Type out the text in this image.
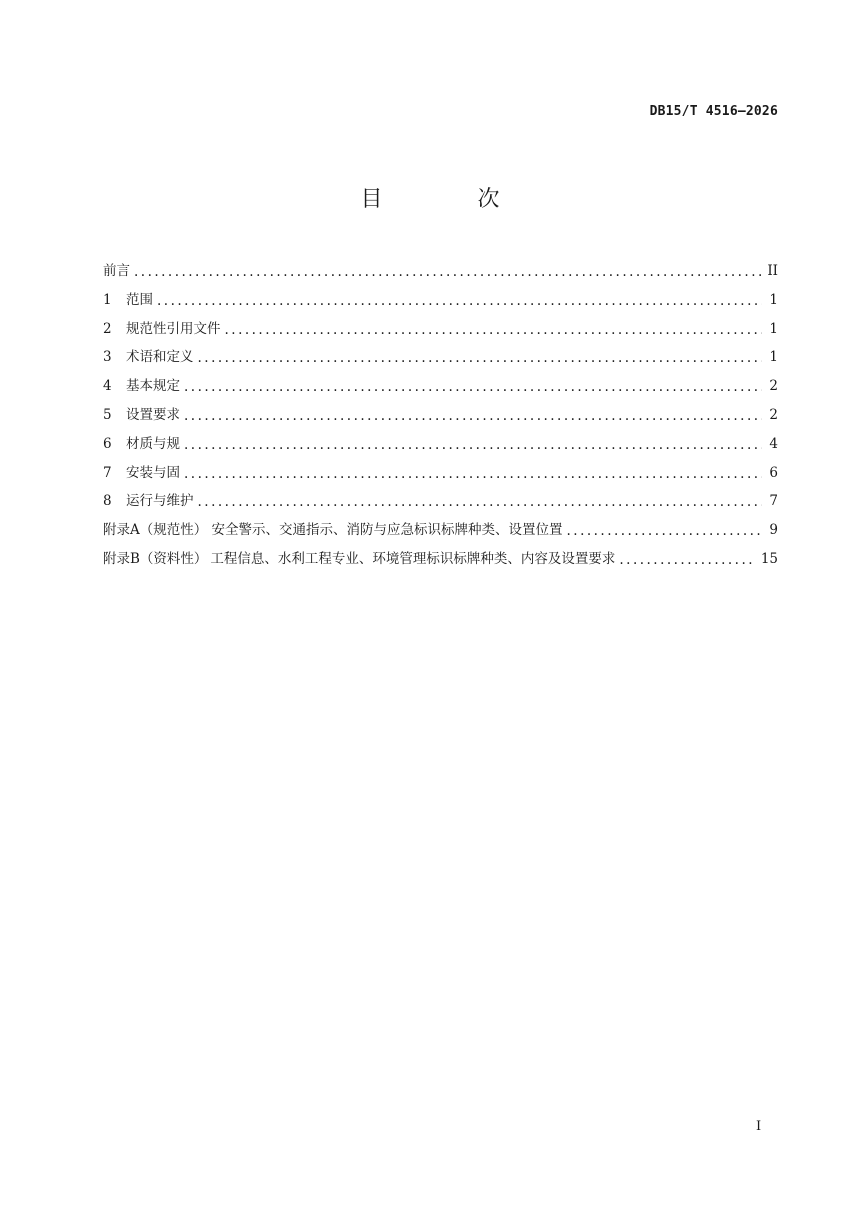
DB15/T 4516—2026
目 次
前言 . . .	II
1	范围 . . .	1
2	规范性引用文件 . . .	1
3	术语和定义 . . .	1
4	基本规定 . . .	2
5	设置要求 . . .	2
6	材质与规 . . .	4
7	安装与固 . . .	6
8	运行与维护 . . .	7
附录A（规范性） 安全警示、交通指示、消防与应急标识标牌种类、设置位置 . . .	9
附录B（资料性） 工程信息、水利工程专业、环境管理标识标牌种类、内容及设置要求 . . .	15
I
